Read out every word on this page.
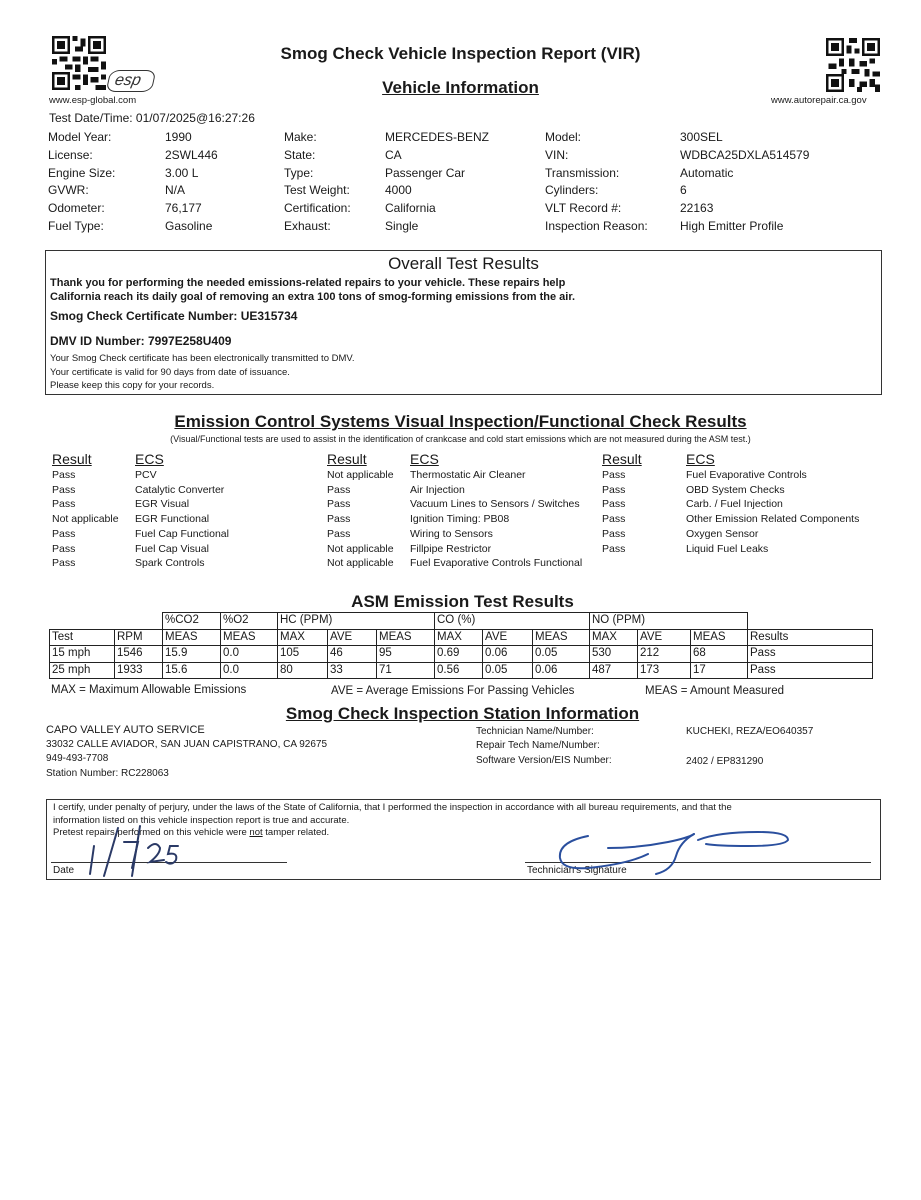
esp
www.esp-global.com	www.autorepair.ca.gov
Smog Check Vehicle Inspection Report (VIR)
Vehicle Information
Test Date/Time: 01/07/2025@16:27:26
Model Year:	1990	Make:	MERCEDES-BENZ	Model:	300SEL
License:	2SWL446	State:	CA	VIN:	WDBCA25DXLA514579
Engine Size:	3.00 L	Type:	Passenger Car	Transmission:	Automatic
GVWR:	N/A	Test Weight:	4000	Cylinders:	6
Odometer:	76,177	Certification:	California	VLT Record #:	22163
Fuel Type:	Gasoline	Exhaust:	Single	Inspection Reason:	High Emitter Profile
Overall Test Results
Thank you for performing the needed emissions-related repairs to your vehicle. These repairs help
California reach its daily goal of removing an extra 100 tons of smog-forming emissions from the air.
Smog Check Certificate Number: UE315734
DMV ID Number: 7997E258U409
Your Smog Check certificate has been electronically transmitted to DMV.
Your certificate is valid for 90 days from date of issuance.
Please keep this copy for your records.
Emission Control Systems Visual Inspection/Functional Check Results
(Visual/Functional tests are used to assist in the identification of crankcase and cold start emissions which are not measured during the ASM test.)
Result	ECS
Pass	PCV
Pass	Catalytic Converter
Pass	EGR Visual
Not applicable	EGR Functional
Pass	Fuel Cap Functional
Pass	Fuel Cap Visual
Pass	Spark Controls
Result	ECS
Not applicable	Thermostatic Air Cleaner
Pass	Air Injection
Pass	Vacuum Lines to Sensors / Switches
Pass	Ignition Timing: PB08
Pass	Wiring to Sensors
Not applicable	Fillpipe Restrictor
Not applicable	Fuel Evaporative Controls Functional
Result	ECS
Pass	Fuel Evaporative Controls
Pass	OBD System Checks
Pass	Carb. / Fuel Injection
Pass	Other Emission Related Components
Pass	Oxygen Sensor
Pass	Liquid Fuel Leaks
ASM Emission Test Results
		%CO2	%O2	HC (PPM)			CO (%)			NO (PPM)			
Test	RPM	MEAS	MEAS	MAX	AVE	MEAS	MAX	AVE	MEAS	MAX	AVE	MEAS	Results
15 mph	1546	15.9	0.0	105	46	95	0.69	0.06	0.05	530	212	68	Pass
25 mph	1933	15.6	0.0	80	33	71	0.56	0.05	0.06	487	173	17	Pass
MAX = Maximum Allowable Emissions	AVE = Average Emissions For Passing Vehicles	MEAS = Amount Measured
Smog Check Inspection Station Information
CAPO VALLEY AUTO SERVICE
33032 CALLE AVIADOR, SAN JUAN CAPISTRANO, CA 92675
949-493-7708
Station Number: RC228063
Technician Name/Number:	KUCHEKI, REZA/EO640357
Repair Tech Name/Number:
Software Version/EIS Number:	2402 / EP831290
I certify, under penalty of perjury, under the laws of the State of California, that I performed the inspection in accordance with all bureau requirements, and that the
information listed on this vehicle inspection report is true and accurate.
Pretest repairs performed on this vehicle were not tamper related.
Date	Technician's Signature
